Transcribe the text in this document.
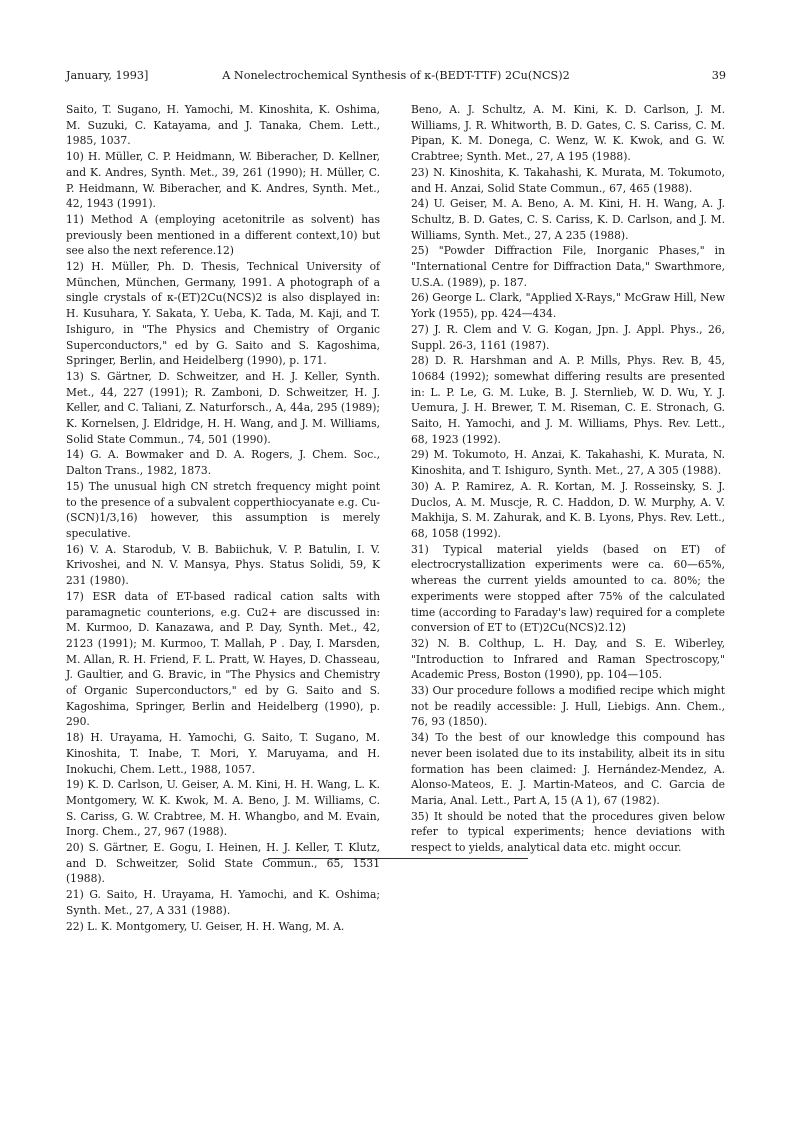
January, 1993]	A Nonelectrochemical Synthesis of κ-(BEDT-TTF) 2Cu(NCS)2	39

Saito, T. Sugano, H. Yamochi, M. Kinoshita, K. Oshima, M. Suzuki, C. Katayama, and J. Tanaka, Chem. Lett., 1985, 1037.

10) H. Müller, C. P. Heidmann, W. Biberacher, D. Kellner, and K. Andres, Synth. Met., 39, 261 (1990); H. Müller, C. P. Heidmann, W. Biberacher, and K. Andres, Synth. Met., 42, 1943 (1991).

11) Method A (employing acetonitrile as solvent) has previously been mentioned in a different context,10) but see also the next reference.12)

12) H. Müller, Ph. D. Thesis, Technical University of München, München, Germany, 1991. A photograph of a single crystals of κ-(ET)2Cu(NCS)2 is also displayed in: H. Kusuhara, Y. Sakata, Y. Ueba, K. Tada, M. Kaji, and T. Ishiguro, in "The Physics and Chemistry of Organic Superconductors," ed by G. Saito and S. Kagoshima, Springer, Berlin, and Heidelberg (1990), p. 171.

13) S. Gärtner, D. Schweitzer, and H. J. Keller, Synth. Met., 44, 227 (1991); R. Zamboni, D. Schweitzer, H. J. Keller, and C. Taliani, Z. Naturforsch., A, 44a, 295 (1989); K. Kornelsen, J. Eldridge, H. H. Wang, and J. M. Williams, Solid State Commun., 74, 501 (1990).

14) G. A. Bowmaker and D. A. Rogers, J. Chem. Soc., Dalton Trans., 1982, 1873.

15) The unusual high CN stretch frequency might point to the presence of a subvalent copperthiocyanate e.g. Cu-(SCN)1/3,16) however, this assumption is merely speculative.

16) V. A. Starodub, V. B. Babiichuk, V. P. Batulin, I. V. Krivoshei, and N. V. Mansya, Phys. Status Solidi, 59, K 231 (1980).

17) ESR data of ET-based radical cation salts with paramagnetic counterions, e.g. Cu2+ are discussed in: M. Kurmoo, D. Kanazawa, and P. Day, Synth. Met., 42, 2123 (1991); M. Kurmoo, T. Mallah, P . Day, I. Marsden, M. Allan, R. H. Friend, F. L. Pratt, W. Hayes, D. Chasseau, J. Gaultier, and G. Bravic, in "The Physics and Chemistry of Organic Superconductors," ed by G. Saito and S. Kagoshima, Springer, Berlin and Heidelberg (1990), p. 290.

18) H. Urayama, H. Yamochi, G. Saito, T. Sugano, M. Kinoshita, T. Inabe, T. Mori, Y. Maruyama, and H. Inokuchi, Chem. Lett., 1988, 1057.

19) K. D. Carlson, U. Geiser, A. M. Kini, H. H. Wang, L. K. Montgomery, W. K. Kwok, M. A. Beno, J. M. Williams, C. S. Cariss, G. W. Crabtree, M. H. Whangbo, and M. Evain, Inorg. Chem., 27, 967 (1988).

20) S. Gärtner, E. Gogu, I. Heinen, H. J. Keller, T. Klutz, and D. Schweitzer, Solid State Commun., 65, 1531 (1988).

21) G. Saito, H. Urayama, H. Yamochi, and K. Oshima; Synth. Met., 27, A 331 (1988).

22) L. K. Montgomery, U. Geiser, H. H. Wang, M. A.

Beno, A. J. Schultz, A. M. Kini, K. D. Carlson, J. M. Williams, J. R. Whitworth, B. D. Gates, C. S. Cariss, C. M. Pipan, K. M. Donega, C. Wenz, W. K. Kwok, and G. W. Crabtree; Synth. Met., 27, A 195 (1988).

23) N. Kinoshita, K. Takahashi, K. Murata, M. Tokumoto, and H. Anzai, Solid State Commun., 67, 465 (1988).

24) U. Geiser, M. A. Beno, A. M. Kini, H. H. Wang, A. J. Schultz, B. D. Gates, C. S. Cariss, K. D. Carlson, and J. M. Williams, Synth. Met., 27, A 235 (1988).

25) "Powder Diffraction File, Inorganic Phases," in "International Centre for Diffraction Data," Swarthmore, U.S.A. (1989), p. 187.

26) George L. Clark, "Applied X-Rays," McGraw Hill, New York (1955), pp. 424—434.

27) J. R. Clem and V. G. Kogan, Jpn. J. Appl. Phys., 26, Suppl. 26-3, 1161 (1987).

28) D. R. Harshman and A. P. Mills, Phys. Rev. B, 45, 10684 (1992); somewhat differing results are presented in: L. P. Le, G. M. Luke, B. J. Sternlieb, W. D. Wu, Y. J. Uemura, J. H. Brewer, T. M. Riseman, C. E. Stronach, G. Saito, H. Yamochi, and J. M. Williams, Phys. Rev. Lett., 68, 1923 (1992).

29) M. Tokumoto, H. Anzai, K. Takahashi, K. Murata, N. Kinoshita, and T. Ishiguro, Synth. Met., 27, A 305 (1988).

30) A. P. Ramirez, A. R. Kortan, M. J. Rosseinsky, S. J. Duclos, A. M. Muscje, R. C. Haddon, D. W. Murphy, A. V. Makhija, S. M. Zahurak, and K. B. Lyons, Phys. Rev. Lett., 68, 1058 (1992).

31) Typical material yields (based on ET) of electrocrystallization experiments were ca. 60—65%, whereas the current yields amounted to ca. 80%; the experiments were stopped after 75% of the calculated time (according to Faraday's law) required for a complete conversion of ET to (ET)2Cu(NCS)2.12)

32) N. B. Colthup, L. H. Day, and S. E. Wiberley, "Introduction to Infrared and Raman Spectroscopy," Academic Press, Boston (1990), pp. 104—105.

33) Our procedure follows a modified recipe which might not be readily accessible: J. Hull, Liebigs. Ann. Chem., 76, 93 (1850).

34) To the best of our knowledge this compound has never been isolated due to its instability, albeit its in situ formation has been claimed: J. Hernández-Mendez, A. Alonso-Mateos, E. J. Martin-Mateos, and C. Garcia de Maria, Anal. Lett., Part A, 15 (A 1), 67 (1982).

35) It should be noted that the procedures given below refer to typical experiments; hence deviations with respect to yields, analytical data etc. might occur.
